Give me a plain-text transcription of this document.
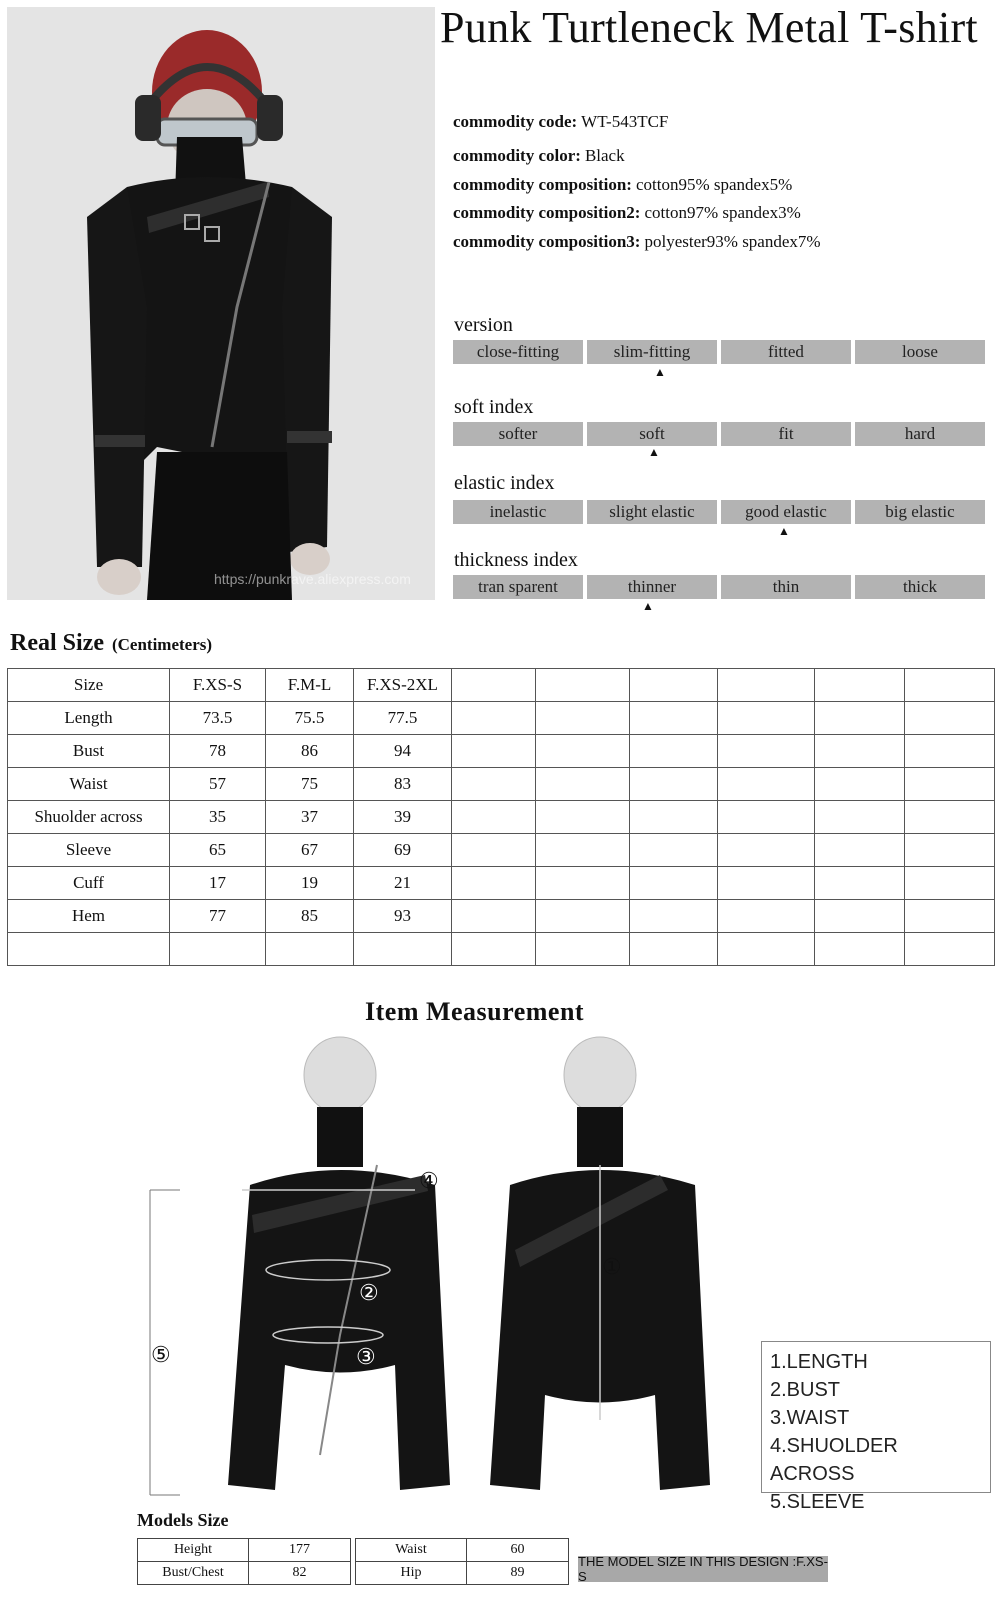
https://punkrave.aliexpress.com
Punk Turtleneck Metal T-shirt
commodity code: WT-543TCF
commodity color: Black
commodity composition: cotton95% spandex5%
commodity composition2: cotton97% spandex3%
commodity composition3: polyester93% spandex7%
version
close-fitting	slim-fitting	fitted	loose
▲
soft index
softer	soft	fit	hard
▲
elastic index
inelastic	slight elastic	good elastic	big elastic
▲
thickness index
tran sparent	thinner	thin	thick
▲
Real Size (Centimeters)
Size	F.XS-S	F.M-L	F.XS-2XL						
Length	73.5	75.5	77.5						
Bust	78	86	94						
Waist	57	75	83						
Shuolder across	35	37	39						
Sleeve	65	67	69						
Cuff	17	19	21						
Hem	77	85	93						

Item Measurement
①
②
③
④
⑤	1.LENGTH
2.BUST
3.WAIST
4.SHUOLDER ACROSS
5.SLEEVE
Models Size
Height	177
Bust/Chest	82
Waist	60
Hip	89
THE MODEL SIZE IN THIS DESIGN :F.XS-S
